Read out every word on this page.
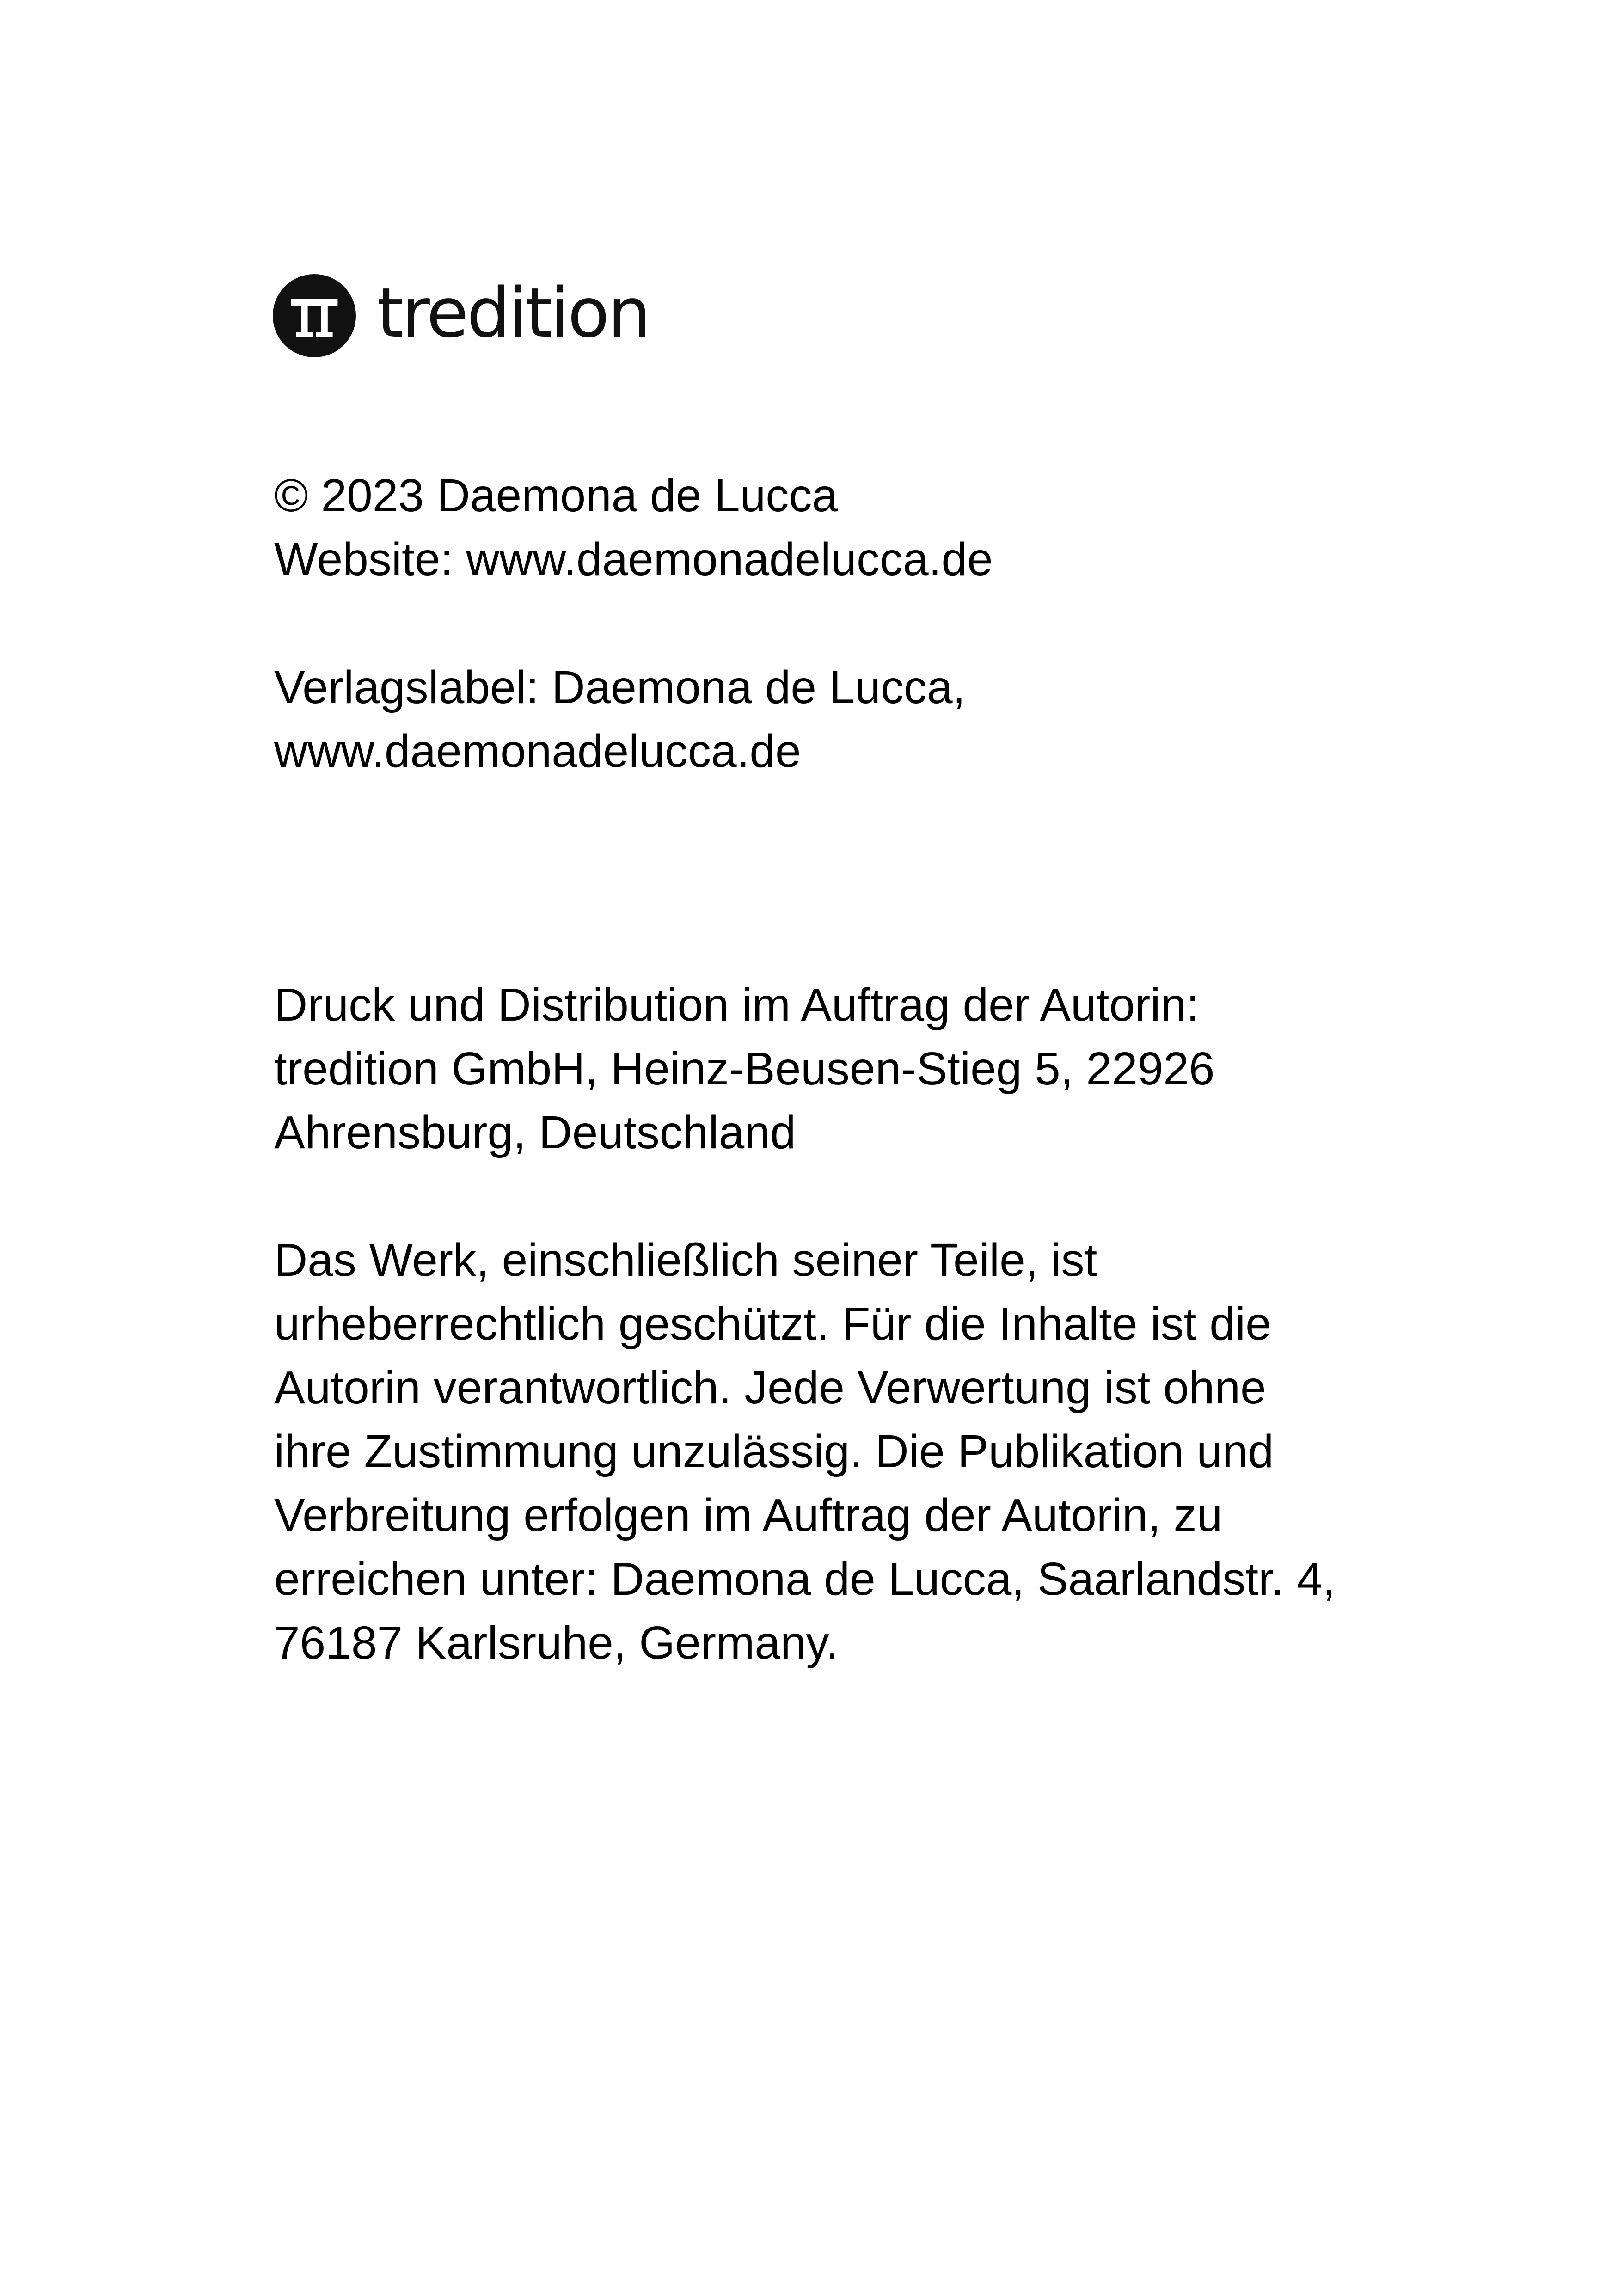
tredition

© 2023 Daemona de Lucca
Website: www.daemonadelucca.de

Verlagslabel: Daemona de Lucca,
www.daemonadelucca.de

Druck und Distribution im Auftrag der Autorin:
tredition GmbH, Heinz-Beusen-Stieg 5, 22926
Ahrensburg, Deutschland

Das Werk, einschließlich seiner Teile, ist
urheberrechtlich geschützt. Für die Inhalte ist die
Autorin verantwortlich. Jede Verwertung ist ohne
ihre Zustimmung unzulässig. Die Publikation und
Verbreitung erfolgen im Auftrag der Autorin, zu
erreichen unter: Daemona de Lucca, Saarlandstr. 4,
76187 Karlsruhe, Germany.
